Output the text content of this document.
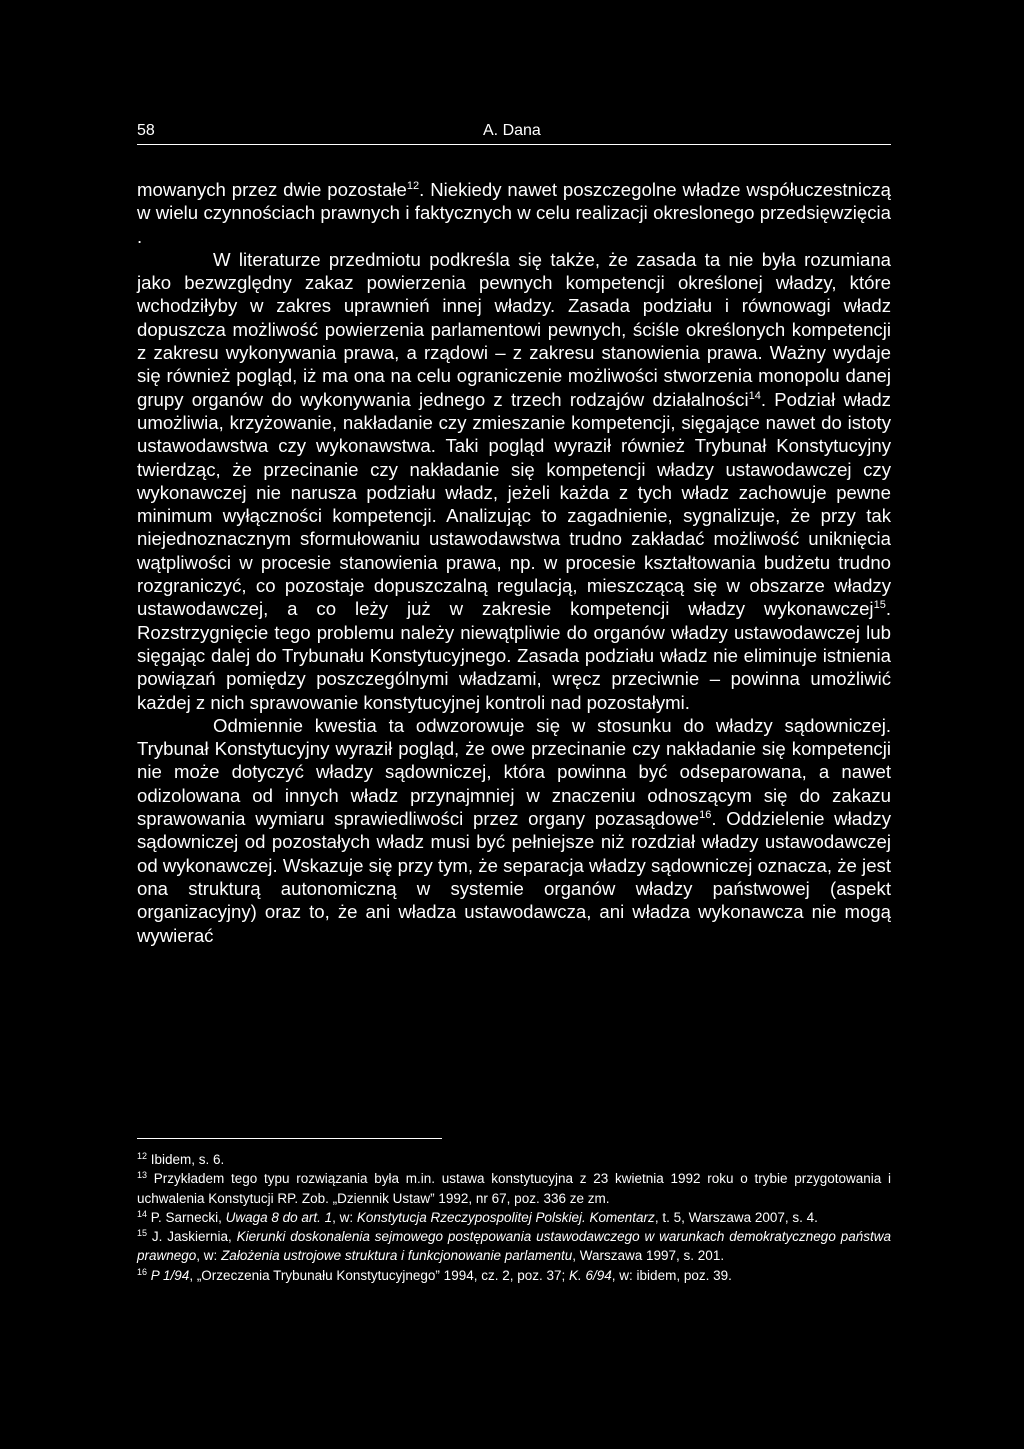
58	A. Dana

mowanych przez dwie pozostałe$^{12}$. Niekiedy nawet poszczegolne władze współuczestniczą w wielu czynnościach prawnych i faktycznych w celu realizacji okreslonego przedsięwzięcia .

W literaturze przedmiotu podkreśla się także, że zasada ta nie była rozumiana jako bezwzględny zakaz powierzenia pewnych kompetencji określonej władzy, które wchodziłyby w zakres uprawnień innej władzy. Zasada podziału i równowagi władz dopuszcza możliwość powierzenia parlamentowi pewnych, ściśle określonych kompetencji z zakresu wykonywania prawa, a rządowi – z zakresu stanowienia prawa. Ważny wydaje się również pogląd, iż ma ona na celu ograniczenie możliwości stworzenia monopolu danej grupy organów do wykonywania jednego z trzech rodzajów działalności$^{14}$. Podział władz umożliwia, krzyżowanie, nakładanie czy zmieszanie kompetencji, sięgające nawet do istoty ustawodawstwa czy wykonawstwa. Taki pogląd wyraził również Trybunał Konstytucyjny twierdząc, że przecinanie czy nakładanie się kompetencji władzy ustawodawczej czy wykonawczej nie narusza podziału władz, jeżeli każda z tych władz zachowuje pewne minimum wyłączności kompetencji. Analizując to zagadnienie, sygnalizuje, że przy tak niejednoznacznym sformułowaniu ustawodawstwa trudno zakładać możliwość uniknięcia wątpliwości w procesie stanowienia prawa, np. w procesie kształtowania budżetu trudno rozgraniczyć, co pozostaje dopuszczalną regulacją, mieszczącą się w obszarze władzy ustawodawczej, a co leży już w zakresie kompetencji władzy wykonawczej$^{15}$. Rozstrzygnięcie tego problemu należy niewątpliwie do organów władzy ustawodawczej lub sięgając dalej do Trybunału Konstytucyjnego. Zasada podziału władz nie eliminuje istnienia powiązań pomiędzy poszczególnymi władzami, wręcz przeciwnie – powinna umożliwić każdej z nich sprawowanie konstytucyjnej kontroli nad pozostałymi.

Odmiennie kwestia ta odwzorowuje się w stosunku do władzy sądowniczej. Trybunał Konstytucyjny wyraził pogląd, że owe przecinanie czy nakładanie się kompetencji nie może dotyczyć władzy sądowniczej, która powinna być odseparowana, a nawet odizolowana od innych władz przynajmniej w znaczeniu odnoszącym się do zakazu sprawowania wymiaru sprawiedliwości przez organy pozasądowe$^{16}$. Oddzielenie władzy sądowniczej od pozostałych władz musi być pełniejsze niż rozdział władzy ustawodawczej od wykonawczej. Wskazuje się przy tym, że separacja władzy sądowniczej oznacza, że jest ona strukturą autonomiczną w systemie organów władzy państwowej (aspekt organizacyjny) oraz to, że ani władza ustawodawcza, ani władza wykonawcza nie mogą wywierać

$^{12}$ Ibidem, s. 6.
$^{13}$ Przykładem tego typu rozwiązania była m.in. ustawa konstytucyjna z 23 kwietnia 1992 roku o trybie przygotowania i uchwalenia Konstytucji RP. Zob. „Dziennik Ustaw” 1992, nr 67, poz. 336 ze zm.
$^{14}$ P. Sarnecki, Uwaga 8 do art. 1, w: Konstytucja Rzeczypospolitej Polskiej. Komentarz, t. 5, Warszawa 2007, s. 4.
$^{15}$ J. Jaskiernia, Kierunki doskonalenia sejmowego postępowania ustawodawczego w warunkach demokratycznego państwa prawnego, w: Założenia ustrojowe struktura i funkcjonowanie parlamentu, Warszawa 1997, s. 201.
$^{16}$ P 1/94, „Orzeczenia Trybunału Konstytucyjnego” 1994, cz. 2, poz. 37; K. 6/94, w: ibidem, poz. 39.
